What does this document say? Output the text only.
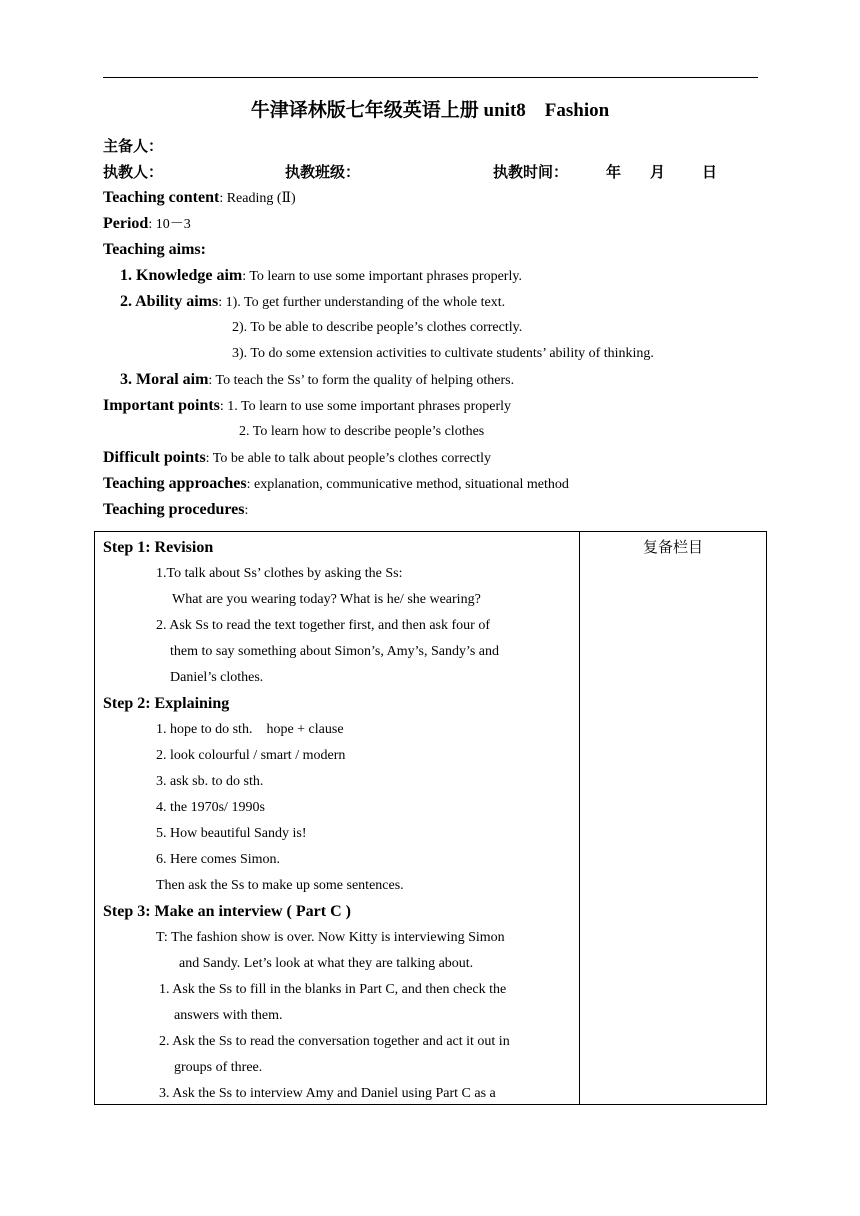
牛津译林版七年级英语上册 unit8    Fashion
主备人：
执教人：	执教班级：	执教时间：	年 月 日
Teaching content: Reading (Ⅱ)
Period: 10－3
Teaching aims:
1. Knowledge aim: To learn to use some important phrases properly.
2. Ability aims: 1). To get further understanding of the whole text.
2). To be able to describe people’s clothes correctly.
3). To do some extension activities to cultivate students’ ability of thinking.
3. Moral aim: To teach the Ss’ to form the quality of helping others.
Important points: 1. To learn to use some important phrases properly
2. To learn how to describe people’s clothes
Difficult points: To be able to talk about people’s clothes correctly
Teaching approaches: explanation, communicative method, situational method
Teaching procedures:
Step 1: Revision
1.To talk about Ss’ clothes by asking the Ss:
What are you wearing today? What is he/ she wearing?
2. Ask Ss to read the text together first, and then ask four of
them to say something about Simon’s, Amy’s, Sandy’s and
Daniel’s clothes.
Step 2: Explaining
1. hope to do sth.    hope + clause
2. look colourful / smart / modern
3. ask sb. to do sth.
4. the 1970s/ 1990s
5. How beautiful Sandy is!
6. Here comes Simon.
Then ask the Ss to make up some sentences.
Step 3: Make an interview ( Part C )
T: The fashion show is over. Now Kitty is interviewing Simon
and Sandy. Let’s look at what they are talking about.
1. Ask the Ss to fill in the blanks in Part C, and then check the
answers with them.
2. Ask the Ss to read the conversation together and act it out in
groups of three.
3. Ask the Ss to interview Amy and Daniel using Part C as a

复备栏目
